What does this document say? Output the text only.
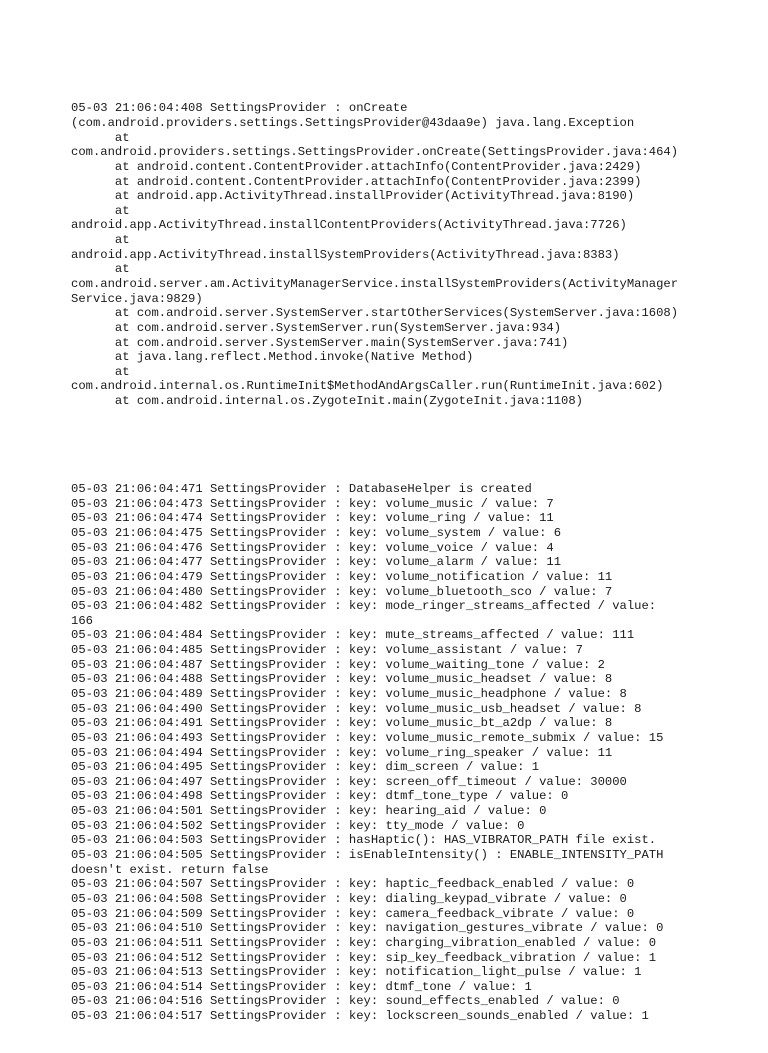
05-03 21:06:04:408 SettingsProvider : onCreate
(com.android.providers.settings.SettingsProvider@43daa9e) java.lang.Exception
at
com.android.providers.settings.SettingsProvider.onCreate(SettingsProvider.java:464)
at android.content.ContentProvider.attachInfo(ContentProvider.java:2429)
at android.content.ContentProvider.attachInfo(ContentProvider.java:2399)
at android.app.ActivityThread.installProvider(ActivityThread.java:8190)
at
android.app.ActivityThread.installContentProviders(ActivityThread.java:7726)
at
android.app.ActivityThread.installSystemProviders(ActivityThread.java:8383)
at
com.android.server.am.ActivityManagerService.installSystemProviders(ActivityManager
Service.java:9829)
at com.android.server.SystemServer.startOtherServices(SystemServer.java:1608)
at com.android.server.SystemServer.run(SystemServer.java:934)
at com.android.server.SystemServer.main(SystemServer.java:741)
at java.lang.reflect.Method.invoke(Native Method)
at
com.android.internal.os.RuntimeInit$MethodAndArgsCaller.run(RuntimeInit.java:602)
at com.android.internal.os.ZygoteInit.main(ZygoteInit.java:1108)

05-03 21:06:04:471 SettingsProvider : DatabaseHelper is created
05-03 21:06:04:473 SettingsProvider : key: volume_music / value: 7
05-03 21:06:04:474 SettingsProvider : key: volume_ring / value: 11
05-03 21:06:04:475 SettingsProvider : key: volume_system / value: 6
05-03 21:06:04:476 SettingsProvider : key: volume_voice / value: 4
05-03 21:06:04:477 SettingsProvider : key: volume_alarm / value: 11
05-03 21:06:04:479 SettingsProvider : key: volume_notification / value: 11
05-03 21:06:04:480 SettingsProvider : key: volume_bluetooth_sco / value: 7
05-03 21:06:04:482 SettingsProvider : key: mode_ringer_streams_affected / value:
166
05-03 21:06:04:484 SettingsProvider : key: mute_streams_affected / value: 111
05-03 21:06:04:485 SettingsProvider : key: volume_assistant / value: 7
05-03 21:06:04:487 SettingsProvider : key: volume_waiting_tone / value: 2
05-03 21:06:04:488 SettingsProvider : key: volume_music_headset / value: 8
05-03 21:06:04:489 SettingsProvider : key: volume_music_headphone / value: 8
05-03 21:06:04:490 SettingsProvider : key: volume_music_usb_headset / value: 8
05-03 21:06:04:491 SettingsProvider : key: volume_music_bt_a2dp / value: 8
05-03 21:06:04:493 SettingsProvider : key: volume_music_remote_submix / value: 15
05-03 21:06:04:494 SettingsProvider : key: volume_ring_speaker / value: 11
05-03 21:06:04:495 SettingsProvider : key: dim_screen / value: 1
05-03 21:06:04:497 SettingsProvider : key: screen_off_timeout / value: 30000
05-03 21:06:04:498 SettingsProvider : key: dtmf_tone_type / value: 0
05-03 21:06:04:501 SettingsProvider : key: hearing_aid / value: 0
05-03 21:06:04:502 SettingsProvider : key: tty_mode / value: 0
05-03 21:06:04:503 SettingsProvider : hasHaptic(): HAS_VIBRATOR_PATH file exist.
05-03 21:06:04:505 SettingsProvider : isEnableIntensity() : ENABLE_INTENSITY_PATH
doesn't exist. return false
05-03 21:06:04:507 SettingsProvider : key: haptic_feedback_enabled / value: 0
05-03 21:06:04:508 SettingsProvider : key: dialing_keypad_vibrate / value: 0
05-03 21:06:04:509 SettingsProvider : key: camera_feedback_vibrate / value: 0
05-03 21:06:04:510 SettingsProvider : key: navigation_gestures_vibrate / value: 0
05-03 21:06:04:511 SettingsProvider : key: charging_vibration_enabled / value: 0
05-03 21:06:04:512 SettingsProvider : key: sip_key_feedback_vibration / value: 1
05-03 21:06:04:513 SettingsProvider : key: notification_light_pulse / value: 1
05-03 21:06:04:514 SettingsProvider : key: dtmf_tone / value: 1
05-03 21:06:04:516 SettingsProvider : key: sound_effects_enabled / value: 0
05-03 21:06:04:517 SettingsProvider : key: lockscreen_sounds_enabled / value: 1
